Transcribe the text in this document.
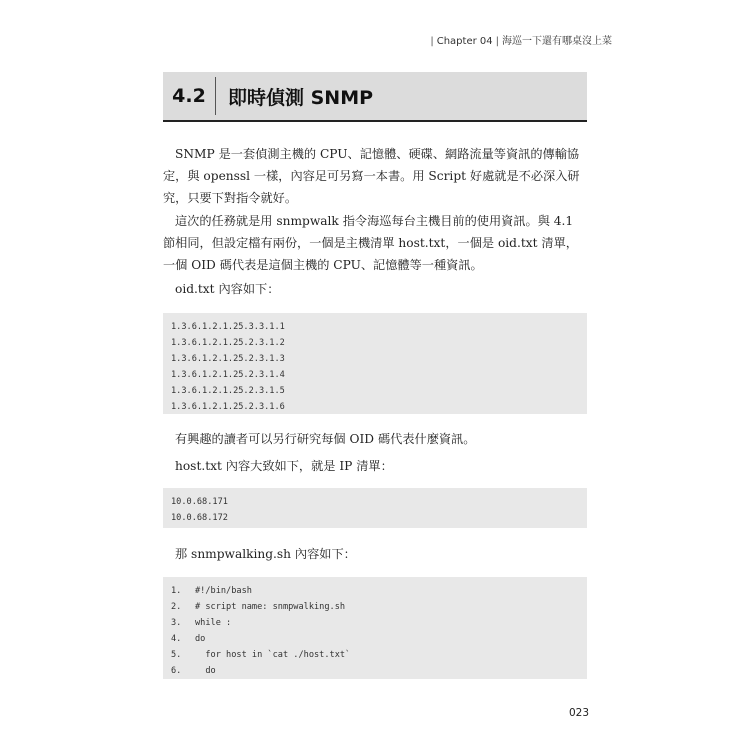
| Chapter 04 | 海巡一下還有哪桌沒上菜
4.2	即時偵測 SNMP

SNMP 是一套偵測主機的 CPU、記憶體、硬碟、網路流量等資訊的傳輸協定，與 openssl 一樣，內容足可另寫一本書。用 Script 好處就是不必深入研究，只要下對指令就好。

這次的任務就是用 snmpwalk 指令海巡每台主機目前的使用資訊。與 4.1 節相同，但設定檔有兩份，一個是主機清單 host.txt，一個是 oid.txt 清單，一個 OID 碼代表是這個主機的 CPU、記憶體等一種資訊。

oid.txt 內容如下：

1.3.6.1.2.1.25.3.3.1.1
1.3.6.1.2.1.25.2.3.1.2
1.3.6.1.2.1.25.2.3.1.3
1.3.6.1.2.1.25.2.3.1.4
1.3.6.1.2.1.25.2.3.1.5
1.3.6.1.2.1.25.2.3.1.6

有興趣的讀者可以另行研究每個 OID 碼代表什麼資訊。

host.txt 內容大致如下，就是 IP 清單：

10.0.68.171
10.0.68.172

那 snmpwalking.sh 內容如下：

1. #!/bin/bash
2. # script name: snmpwalking.sh
3. while :
4. do
5.  for host in `cat ./host.txt`
6.  do
023
